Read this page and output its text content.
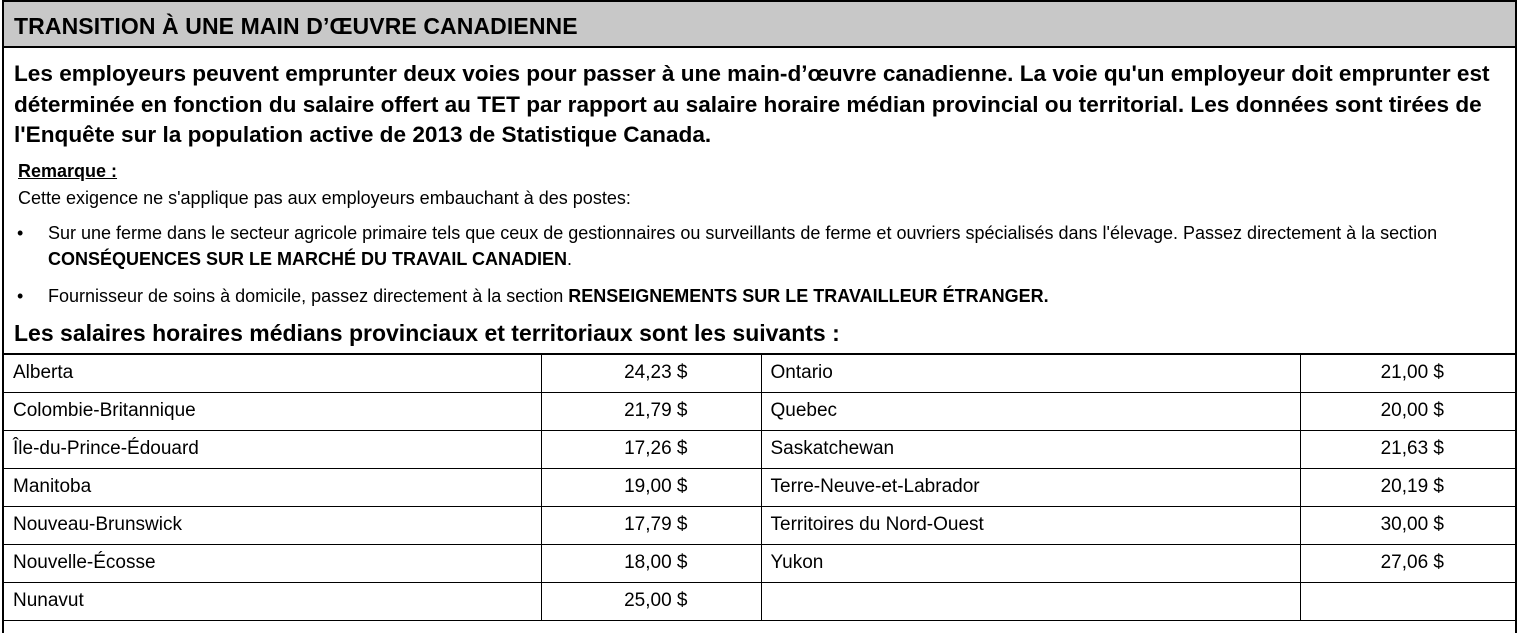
TRANSITION À UNE MAIN D’ŒUVRE CANADIENNE
Les employeurs peuvent emprunter deux voies pour passer à une main-d’œuvre canadienne. La voie qu'un employeur doit emprunter est déterminée en fonction du salaire offert au TET par rapport au salaire horaire médian provincial ou territorial. Les données sont tirées de l'Enquête sur la population active de 2013 de Statistique Canada.
Remarque :
Cette exigence ne s'applique pas aux employeurs embauchant à des postes:
• Sur une ferme dans le secteur agricole primaire tels que ceux de gestionnaires ou surveillants de ferme et ouvriers spécialisés dans l'élevage. Passez directement à la section CONSÉQUENCES SUR LE MARCHÉ DU TRAVAIL CANADIEN.
• Fournisseur de soins à domicile, passez directement à la section RENSEIGNEMENTS SUR LE TRAVAILLEUR ÉTRANGER.
Les salaires horaires médians provinciaux et territoriaux sont les suivants :
Alberta	24,23 $	Ontario	21,00 $
Colombie-Britannique	21,79 $	Quebec	20,00 $
Île-du-Prince-Édouard	17,26 $	Saskatchewan	21,63 $
Manitoba	19,00 $	Terre-Neuve-et-Labrador	20,19 $
Nouveau-Brunswick	17,79 $	Territoires du Nord-Ouest	30,00 $
Nouvelle-Écosse	18,00 $	Yukon	27,06 $
Nunavut	25,00 $		
